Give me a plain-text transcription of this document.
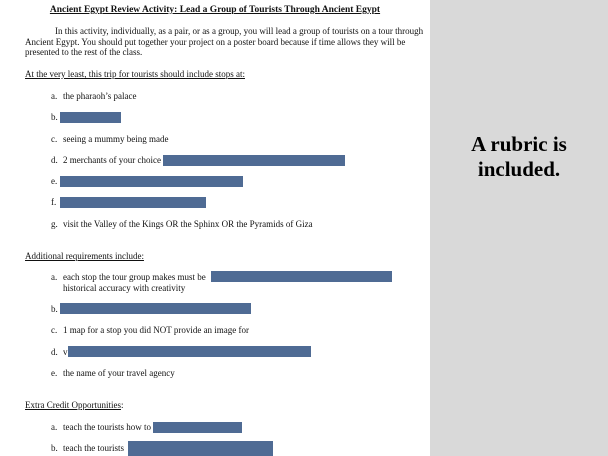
Ancient Egypt Review Activity: Lead a Group of Tourists Through Ancient Egypt
In this activity, individually, as a pair, or as a group, you will lead a group of tourists on a tour through Ancient Egypt. You should put together your project on a poster board because if time allows they will be presented to the rest of the class.
At the very least, this trip for tourists should include stops at:
a. the pharaoh’s palace
b.
c. seeing a mummy being made
d. 2 merchants of your choice
e.
f.
g. visit the Valley of the Kings OR the Sphinx OR the Pyramids of Giza
Additional requirements include:
a. each stop the tour group makes must be
historical accuracy with creativity
b.
c. 1 map for a stop you did NOT provide an image for
d. v
e. the name of your travel agency
Extra Credit Opportunities:
a. teach the tourists how to
b. teach the tourists
A rubric is
included.
